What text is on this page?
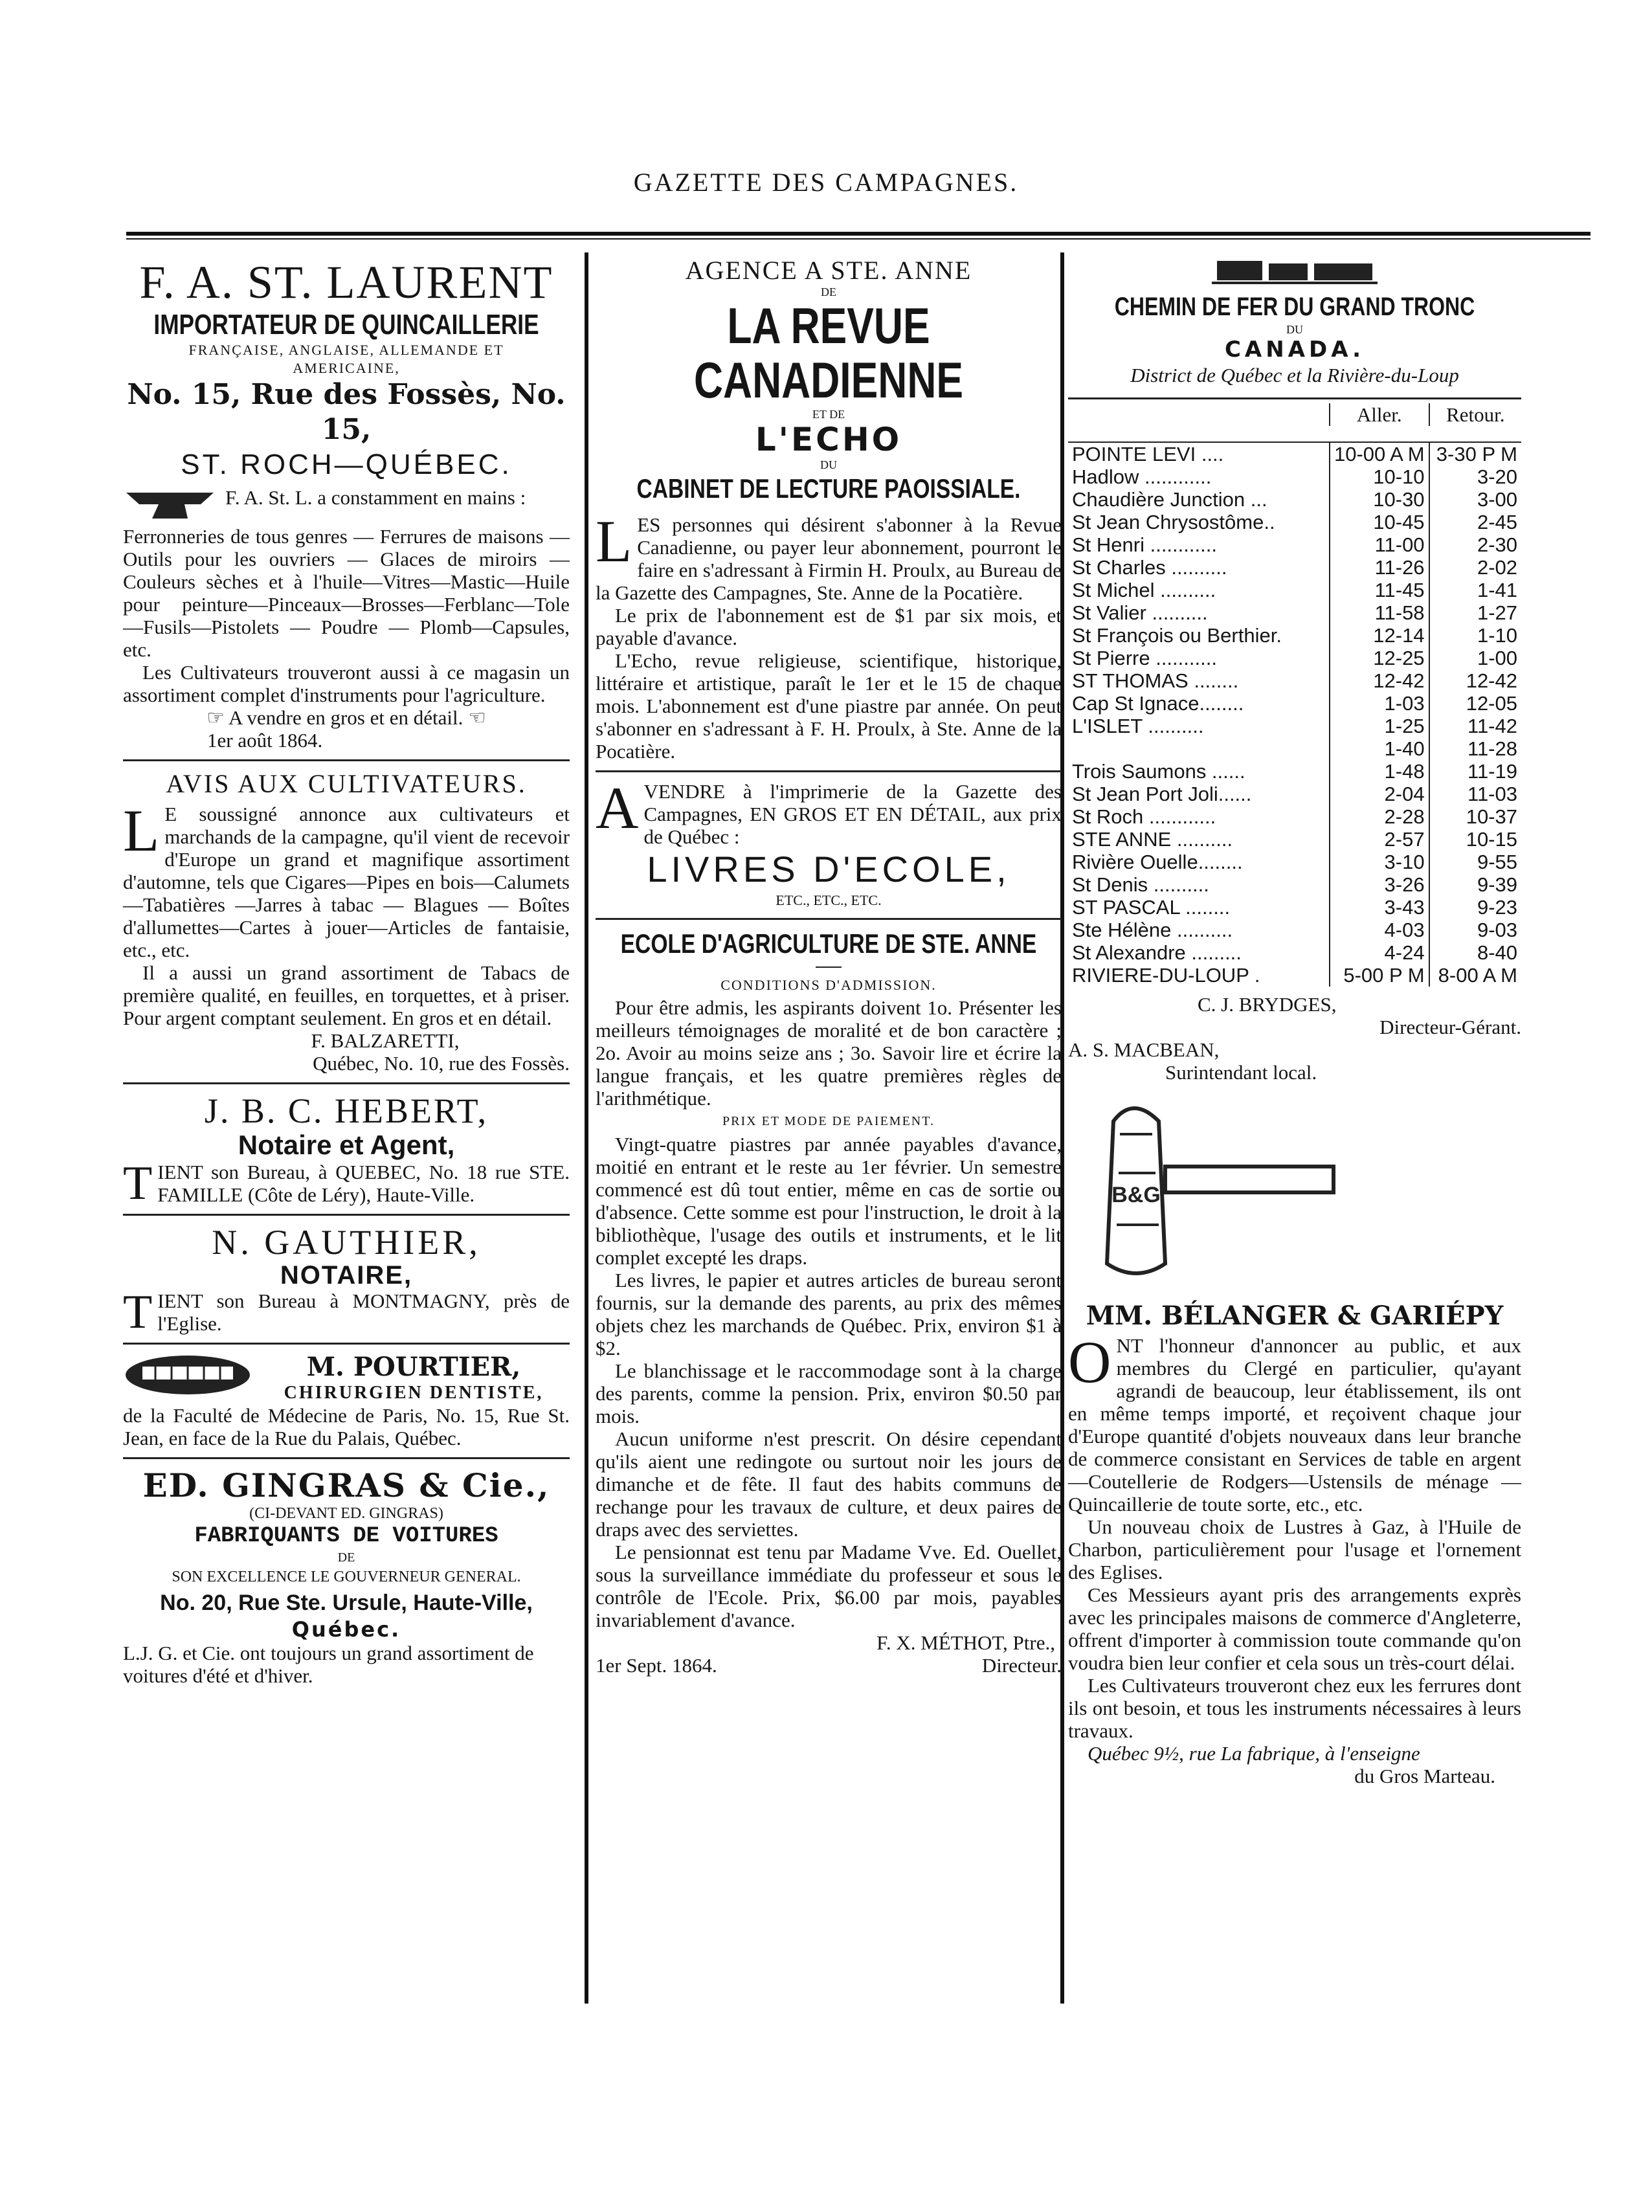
GAZETTE DES CAMPAGNES.

F. A. ST. LAURENT

IMPORTATEUR DE QUINCAILLERIE

FRANÇAISE, ANGLAISE, ALLEMANDE ET AMERICAINE,

No. 15, Rue des Fossès, No. 15,

ST. ROCH—QUÉBEC.

F. A. St. L. a constamment en mains :

Ferronneries de tous genres — Ferrures de maisons — Outils pour les ouvriers — Glaces de miroirs — Couleurs sèches et à l'huile—Vitres—Mastic—Huile pour peinture—Pinceaux—Brosses—Ferblanc—Tole —Fusils—Pistolets — Poudre — Plomb—Capsules, etc.

Les Cultivateurs trouveront aussi à ce magasin un assortiment complet d'instruments pour l'agriculture.

☞ A vendre en gros et en détail. ☜

1er août 1864.

AVIS AUX CULTIVATEURS.

L E soussigné annonce aux cultivateurs et marchands de la campagne, qu'il vient de recevoir d'Europe un grand et magnifique assortiment d'automne, tels que Cigares—Pipes en bois—Calumets—Tabatières —Jarres à tabac — Blagues — Boîtes d'allumettes—Cartes à jouer—Articles de fantaisie, etc., etc.

Il a aussi un grand assortiment de Tabacs de première qualité, en feuilles, en torquettes, et à priser. Pour argent comptant seulement. En gros et en détail.

F. BALZARETTI,

Québec, No. 10, rue des Fossès.

J. B. C. HEBERT,

Notaire et Agent,

T IENT son Bureau, à QUEBEC, No. 18 rue STE. FAMILLE (Côte de Léry), Haute-Ville.

N. GAUTHIER,

NOTAIRE,

T IENT son Bureau à MONTMAGNY, près de l'Eglise.

M. POURTIER,

CHIRURGIEN DENTISTE,

de la Faculté de Médecine de Paris, No. 15, Rue St. Jean, en face de la Rue du Palais, Québec.

ED. GINGRAS & Cie.,

(CI-DEVANT ED. GINGRAS)

FABRIQUANTS DE VOITURES

DE

SON EXCELLENCE LE GOUVERNEUR GENERAL.

No. 20, Rue Ste. Ursule, Haute-Ville,

Québec.

L.J. G. et Cie. ont toujours un grand assortiment de voitures d'été et d'hiver.

AGENCE A STE. ANNE

DE

LA REVUE CANADIENNE

ET DE

L'ECHO

DU

CABINET DE LECTURE PAOISSIALE.

L ES personnes qui désirent s'abonner à la Revue Canadienne, ou payer leur abonnement, pourront le faire en s'adressant à Firmin H. Proulx, au Bureau de la Gazette des Campagnes, Ste. Anne de la Pocatière.

Le prix de l'abonnement est de $1 par six mois, et payable d'avance.

L'Echo, revue religieuse, scientifique, historique, littéraire et artistique, paraît le 1er et le 15 de chaque mois. L'abonnement est d'une piastre par année. On peut s'abonner en s'adressant à F. H. Proulx, à Ste. Anne de la Pocatière.

A VENDRE à l'imprimerie de la Gazette des Campagnes, EN GROS ET EN DÉTAIL, aux prix de Québec :

LIVRES D'ECOLE,

ETC., ETC., ETC.

ECOLE D'AGRICULTURE DE STE. ANNE

CONDITIONS D'ADMISSION.

Pour être admis, les aspirants doivent 1o. Présenter les meilleurs témoignages de moralité et de bon caractère ; 2o. Avoir au moins seize ans ; 3o. Savoir lire et écrire la langue français, et les quatre premières règles de l'arithmétique.

PRIX ET MODE DE PAIEMENT.

Vingt-quatre piastres par année payables d'avance, moitié en entrant et le reste au 1er février. Un semestre commencé est dû tout entier, même en cas de sortie ou d'absence. Cette somme est pour l'instruction, le droit à la bibliothèque, l'usage des outils et instruments, et le lit complet excepté les draps.

Les livres, le papier et autres articles de bureau seront fournis, sur la demande des parents, au prix des mêmes objets chez les marchands de Québec. Prix, environ $1 à $2.

Le blanchissage et le raccommodage sont à la charge des parents, comme la pension. Prix, environ $0.50 par mois.

Aucun uniforme n'est prescrit. On désire cependant qu'ils aient une redingote ou surtout noir les jours de dimanche et de fête. Il faut des habits communs de rechange pour les travaux de culture, et deux paires de draps avec des serviettes.

Le pensionnat est tenu par Madame Vve. Ed. Ouellet, sous la surveillance immédiate du professeur et sous le contrôle de l'Ecole. Prix, $6.00 par mois, payables invariablement d'avance.

F. X. MÉTHOT, Ptre.,

1er Sept. 1864.	Directeur.

CHEMIN DE FER DU GRAND TRONC

DU

CANADA.

District de Québec et la Rivière-du-Loup

	Aller.	Retour.

POINTE LEVI ....	10-00 A M	3-30 P M
Hadlow ............	10-10	3-20
Chaudière Junction ...	10-30	3-00
St Jean Chrysostôme..	10-45	2-45
St Henri ............	11-00	2-30
St Charles ..........	11-26	2-02
St Michel ..........	11-45	1-41
St Valier ..........	11-58	1-27
St François ou Berthier.	12-14	1-10
St Pierre ...........	12-25	1-00
ST THOMAS ........	12-42	12-42
Cap St Ignace........	1-03	12-05
L'ISLET ..........	1-25	11-42
	1-40	11-28
Trois Saumons ......	1-48	11-19
St Jean Port Joli......	2-04	11-03
St Roch ............	2-28	10-37
STE ANNE ..........	2-57	10-15
Rivière Ouelle........	3-10	9-55
St Denis ..........	3-26	9-39
ST PASCAL ........	3-43	9-23
Ste Hélène ..........	4-03	9-03
St Alexandre .........	4-24	8-40
RIVIERE-DU-LOUP .	5-00 P M	8-00 A M

C. J. BRYDGES,

Directeur-Gérant.

A. S. MACBEAN,

Surintendant local.

B&G

MM. BÉLANGER & GARIÉPY

O NT l'honneur d'annoncer au public, et aux membres du Clergé en particulier, qu'ayant agrandi de beaucoup, leur établissement, ils ont en même temps importé, et reçoivent chaque jour d'Europe quantité d'objets nouveaux dans leur branche de commerce consistant en Services de table en argent—Coutellerie de Rodgers—Ustensils de ménage — Quincaillerie de toute sorte, etc., etc.

Un nouveau choix de Lustres à Gaz, à l'Huile de Charbon, particulièrement pour l'usage et l'ornement des Eglises.

Ces Messieurs ayant pris des arrangements exprès avec les principales maisons de commerce d'Angleterre, offrent d'importer à commission toute commande qu'on voudra bien leur confier et cela sous un très-court délai.

Les Cultivateurs trouveront chez eux les ferrures dont ils ont besoin, et tous les instruments nécessaires à leurs travaux.

Québec 9½, rue La fabrique, à l'enseigne

du Gros Marteau.
